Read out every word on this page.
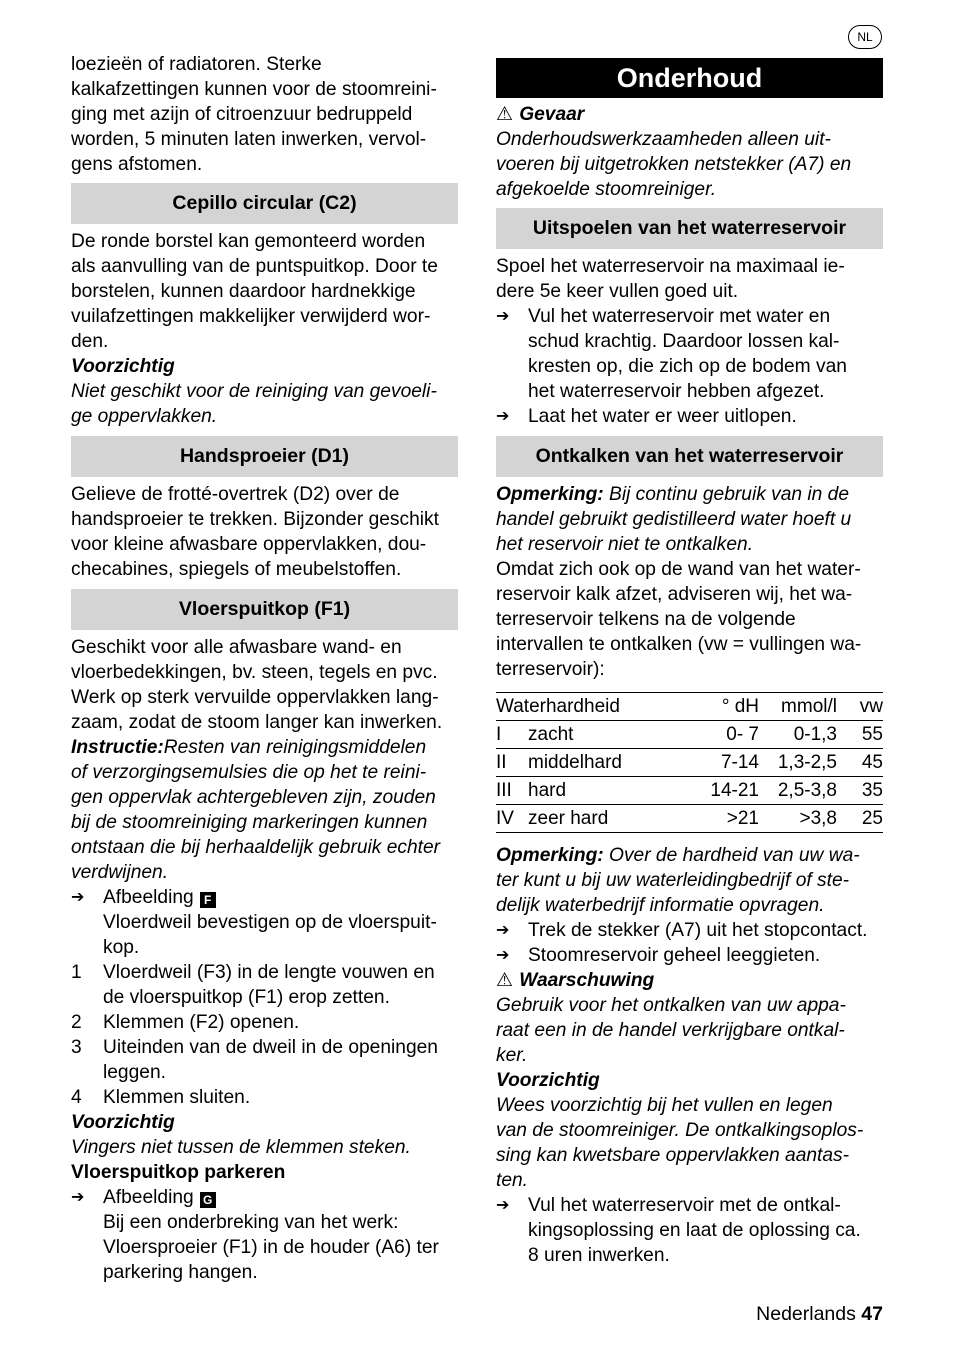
NL

loezieën of radiatoren. Sterke

kalkafzettingen kunnen voor de stoomreini-

ging met azijn of citroenzuur bedruppeld

worden, 5 minuten laten inwerken, vervol-

gens afstomen.

Cepillo circular (C2)

De ronde borstel kan gemonteerd worden

als aanvulling van de puntspuitkop. Door te

borstelen, kunnen daardoor hardnekkige

vuilafzettingen makkelijker verwijderd wor-

den.

Voorzichtig

Niet geschikt voor de reiniging van gevoeli-

ge oppervlakken.

Handsproeier (D1)

Gelieve de frotté-overtrek (D2) over de

handsproeier te trekken. Bijzonder geschikt

voor kleine afwasbare oppervlakken, dou-

checabines, spiegels of meubelstoffen.

Vloerspuitkop (F1)

Geschikt voor alle afwasbare wand- en

vloerbedekkingen, bv. steen, tegels en pvc.

Werk op sterk vervuilde oppervlakken lang-

zaam, zodat de stoom langer kan inwerken.

Instructie:Resten van reinigingsmiddelen

of verzorgingsemulsies die op het te reini-

gen oppervlak achtergebleven zijn, zouden

bij de stoomreiniging markeringen kunnen

ontstaan die bij herhaaldelijk gebruik echter

verdwijnen.

➔ Afbeelding F
Vloerdweil bevestigen op de vloerspuit-
kop.
1	Vloerdweil (F3) in de lengte vouwen en
de vloerspuitkop (F1) erop zetten.
2	Klemmen (F2) openen.
3	Uiteinden van de dweil in de openingen
leggen.
4	Klemmen sluiten.

Voorzichtig

Vingers niet tussen de klemmen steken.

Vloerspuitkop parkeren

➔ Afbeelding G
Bij een onderbreking van het werk:
Vloersproeier (F1) in de houder (A6) ter
parkering hangen.
Onderhoud

⚠ Gevaar

Onderhoudswerkzaamheden alleen uit-

voeren bij uitgetrokken netstekker (A7) en

afgekoelde stoomreiniger.

Uitspoelen van het waterreservoir

Spoel het waterreservoir na maximaal ie-

dere 5e keer vullen goed uit.

➔ Vul het waterreservoir met water en
schud krachtig. Daardoor lossen kal-
kresten op, die zich op de bodem van
het waterreservoir hebben afgezet.
➔ Laat het water er weer uitlopen.
Ontkalken van het waterreservoir

Opmerking: Bij continu gebruik van in de

handel gebruikt gedistilleerd water hoeft u

het reservoir niet te ontkalken.

Omdat zich ook op de wand van het water-

reservoir kalk afzet, adviseren wij, het wa-

terreservoir telkens na de volgende

intervallen te ontkalken (vw = vullingen wa-

terreservoir):

Waterhardheid		° dH	mmol/l	vw
I	zacht	0- 7	0-1,3	55
II	middelhard	7-14	1,3-2,5	45
III	hard	14-21	2,5-3,8	35
IV	zeer hard	>21	>3,8	25

Opmerking: Over de hardheid van uw wa-

ter kunt u bij uw waterleidingbedrijf of ste-

delijk waterbedrijf informatie opvragen.

➔ Trek de stekker (A7) uit het stopcontact.
➔ Stoomreservoir geheel leeggieten.

⚠ Waarschuwing

Gebruik voor het ontkalken van uw appa-

raat een in de handel verkrijgbare ontkal-

ker.

Voorzichtig

Wees voorzichtig bij het vullen en legen

van de stoomreiniger. De ontkalkingsoplos-

sing kan kwetsbare oppervlakken aantas-

ten.

➔ Vul het waterreservoir met de ontkal-
kingsoplossing en laat de oplossing ca.
8 uren inwerken.
Nederlands 47
